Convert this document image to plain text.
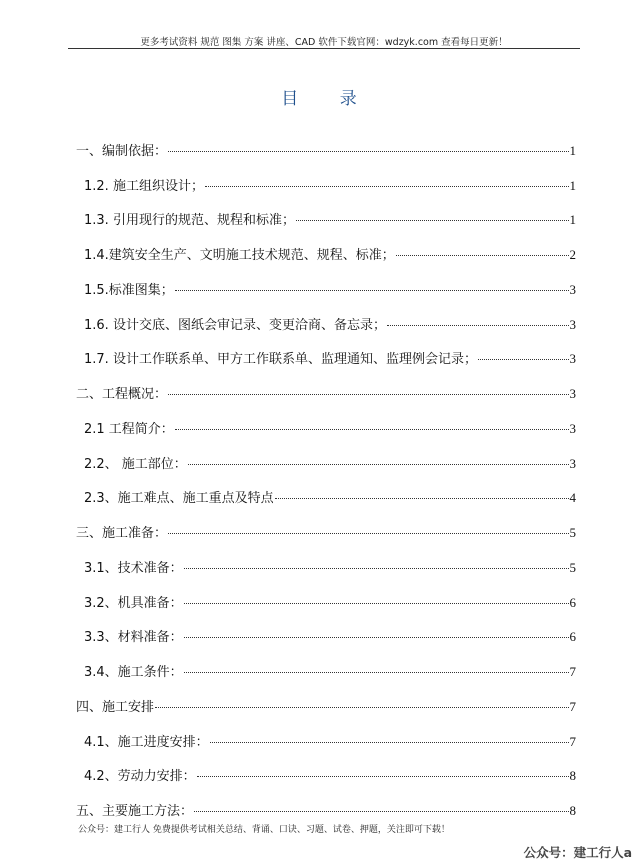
更多考试资料 规范 图集 方案 讲座、CAD 软件下载官网：wdzyk.com 查看每日更新！
目 录
一、编制依据：	1
1.2. 施工组织设计；	1
1.3. 引用现行的规范、规程和标准；	1
1.4.建筑安全生产、文明施工技术规范、规程、标准；	2
1.5.标准图集；	3
1.6. 设计交底、图纸会审记录、变更洽商、备忘录；	3
1.7. 设计工作联系单、甲方工作联系单、监理通知、监理例会记录；	3
二、工程概况：	3
2.1 工程简介：	3
2.2、 施工部位：	3
2.3、施工难点、施工重点及特点	4
三、施工准备：	5
3.1、技术准备：	5
3.2、机具准备：	6
3.3、材料准备：	6
3.4、施工条件：	7
四、施工安排	7
4.1、施工进度安排：	7
4.2、劳动力安排：	8
五、主要施工方法：	8
公众号：建工行人 免费提供考试相关总结、背诵、口诀、习题、试卷、押题，关注即可下载！
公众号：建工行人a
